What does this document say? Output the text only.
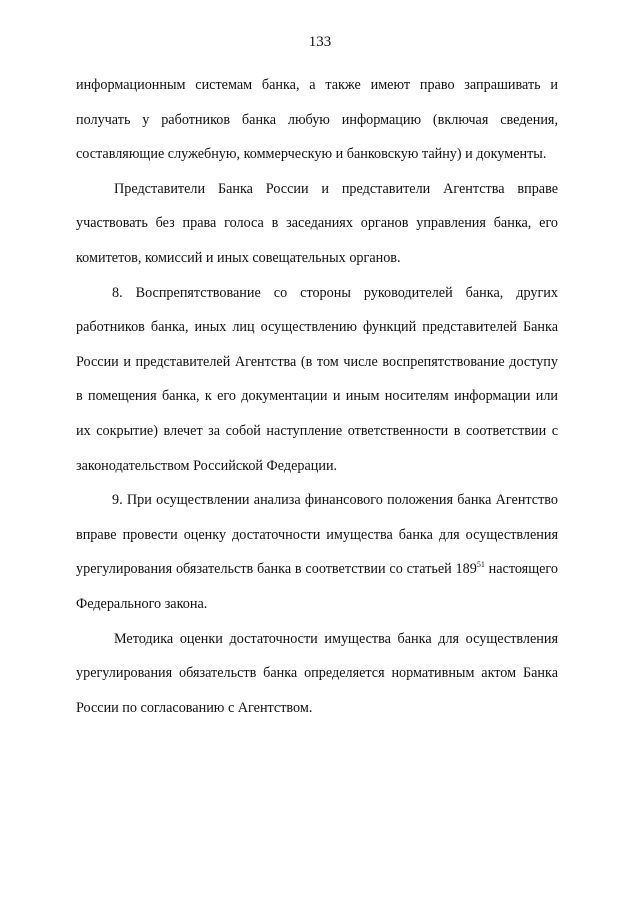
133

информационным системам банка, а также имеют право запрашивать и получать у работников банка любую информацию (включая сведения, составляющие служебную, коммерческую и банковскую тайну) и документы.

Представители Банка России и представители Агентства вправе участвовать без права голоса в заседаниях органов управления банка, его комитетов, комиссий и иных совещательных органов.

8. Воспрепятствование со стороны руководителей банка, других работников банка, иных лиц осуществлению функций представителей Банка России и представителей Агентства (в том числе воспрепятствование доступу в помещения банка, к его документации и иным носителям информации или их сокрытие) влечет за собой наступление ответственности в соответствии с законодательством Российской Федерации.

9. При осуществлении анализа финансового положения банка Агентство вправе провести оценку достаточности имущества банка для осуществления урегулирования обязательств банка в соответствии со статьей $189^{51}$ настоящего Федерального закона.

Методика оценки достаточности имущества банка для осуществления урегулирования обязательств банка определяется нормативным актом Банка России по согласованию с Агентством.
